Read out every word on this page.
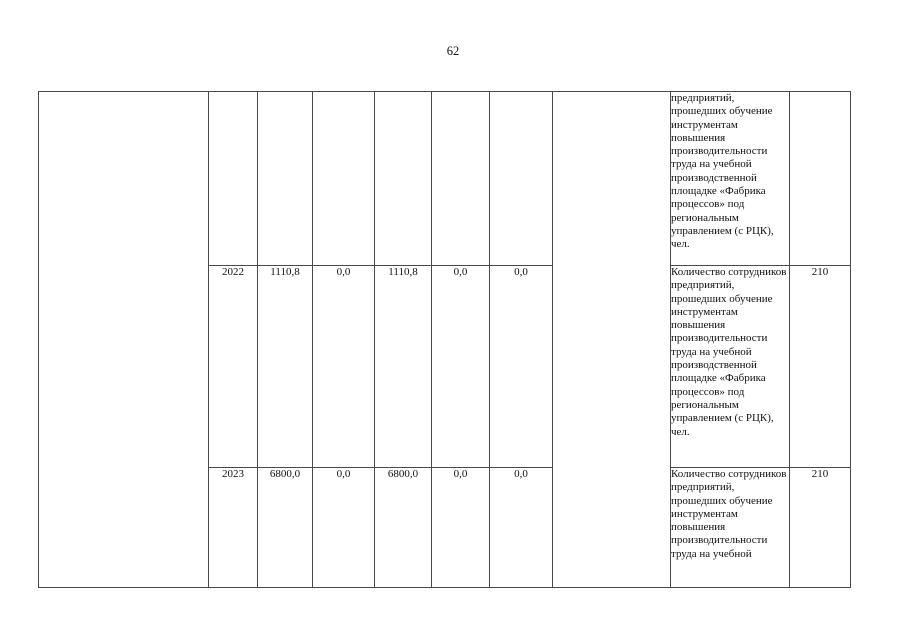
62
								предприятий, прошедших обучение инструментам повышения производительности труда на учебной производственной площадке «Фабрика процессов» под региональным управлением (с РЦК), чел.	
	2022	1110,8	0,0	1110,8	0,0	0,0		Количество сотрудников предприятий, прошедших обучение инструментам повышения производительности труда на учебной производственной площадке «Фабрика процессов» под региональным управлением (с РЦК), чел.	210
	2023	6800,0	0,0	6800,0	0,0	0,0		Количество сотрудников предприятий, прошедших обучение инструментам повышения производительности труда на учебной	210
